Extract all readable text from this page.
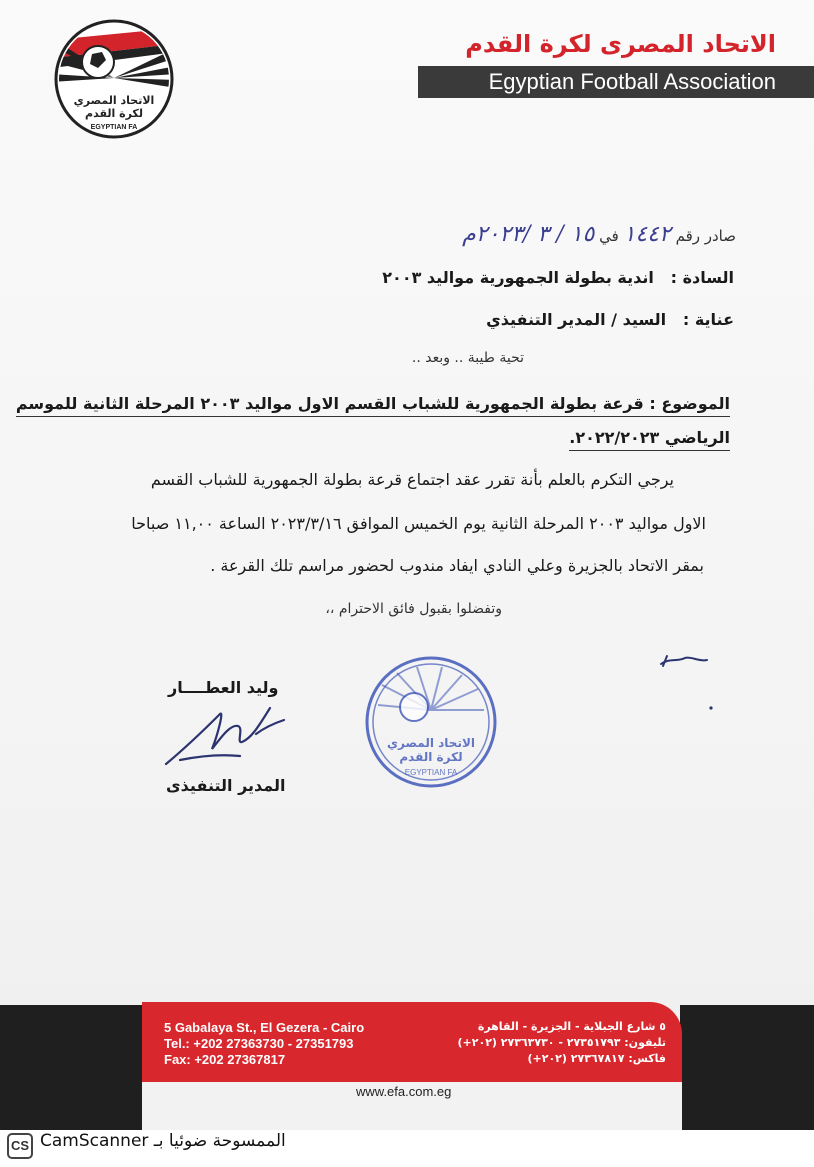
الاتحاد المصري
لكرة القدم
EGYPTIAN FA
الاتحاد المصرى لكرة القدم
Egyptian Football Association
صادر رقم ١٤٤٢ في ١٥ / ٣ /٢٠٢٣م
السادة :   اندية بطولة الجمهورية مواليد ٢٠٠٣
عناية :   السيد / المدير التنفيذي
تحية طيبة .. وبعد ..
الموضوع : قرعة بطولة الجمهورية للشباب القسم الاول مواليد ٢٠٠٣ المرحلة الثانية للموسم
الرياضي ٢٠٢٢/٢٠٢٣.
يرجي التكرم بالعلم بأنة تقرر عقد اجتماع قرعة بطولة الجمهورية للشباب القسم
الاول مواليد ٢٠٠٣ المرحلة الثانية يوم الخميس الموافق ٢٠٢٣/٣/١٦ الساعة ١١,٠٠ صباحا
بمقر الاتحاد بالجزيرة وعلي النادي ايفاد مندوب لحضور مراسم تلك القرعة .
وتفضلوا بقبول فائق الاحترام ،،
وليد العطــــار
المدير التنفيذى
الاتحاد المصري
لكرة القدم
EGYPTIAN FA
5 Gabalaya St., El Gezera - Cairo
Tel.: +202 27363730 - 27351793
Fax: +202 27367817
٥ شارع الجبلاية - الجزيرة - القاهرة
تليفون: ٢٧٣٥١٧٩٣ - ٢٧٣٦٣٧٣٠ (٢٠٢+)
فاكس: ٢٧٣٦٧٨١٧ (٢٠٢+)
www.efa.com.eg
CS الممسوحة ضوئيا بـ CamScanner
